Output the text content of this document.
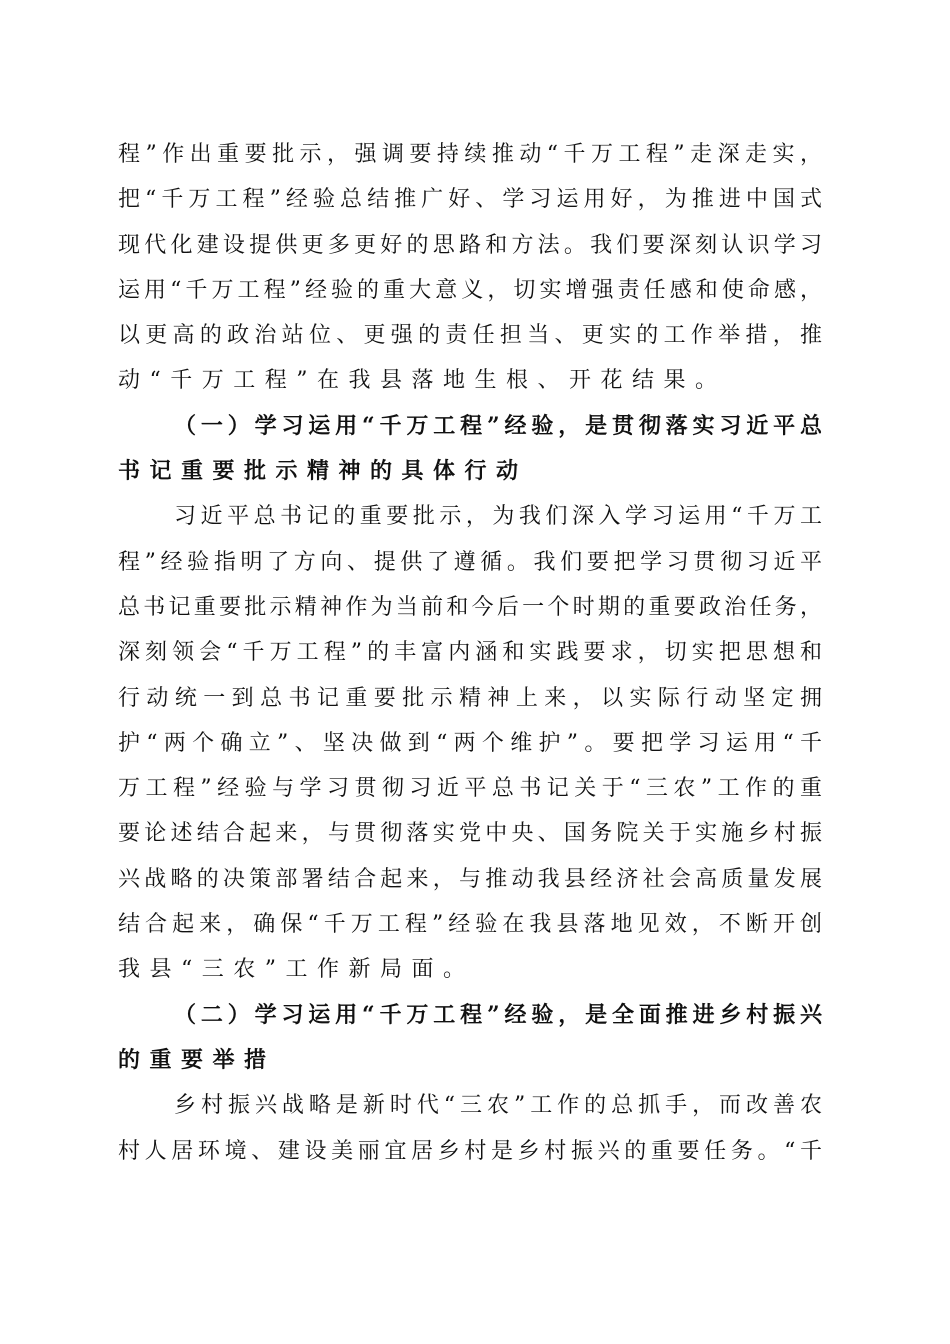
程”作出重要批示，强调要持续推动“千万工程”走深走实，
把“千万工程”经验总结推广好、学习运用好，为推进中国式
现代化建设提供更多更好的思路和方法。我们要深刻认识学习
运用“千万工程”经验的重大意义，切实增强责任感和使命感，
以更高的政治站位、更强的责任担当、更实的工作举措，推
动“千万工程”在我县落地生根、开花结果。
（一）学习运用“千万工程”经验，是贯彻落实习近平总
书记重要批示精神的具体行动
习近平总书记的重要批示，为我们深入学习运用“千万工
程”经验指明了方向、提供了遵循。我们要把学习贯彻习近平
总书记重要批示精神作为当前和今后一个时期的重要政治任务，
深刻领会“千万工程”的丰富内涵和实践要求，切实把思想和
行动统一到总书记重要批示精神上来，以实际行动坚定拥
护“两个确立”、坚决做到“两个维护”。要把学习运用“千
万工程”经验与学习贯彻习近平总书记关于“三农”工作的重
要论述结合起来，与贯彻落实党中央、国务院关于实施乡村振
兴战略的决策部署结合起来，与推动我县经济社会高质量发展
结合起来，确保“千万工程”经验在我县落地见效，不断开创
我县“三农”工作新局面。
（二）学习运用“千万工程”经验，是全面推进乡村振兴
的重要举措
乡村振兴战略是新时代“三农”工作的总抓手，而改善农
村人居环境、建设美丽宜居乡村是乡村振兴的重要任务。“千
